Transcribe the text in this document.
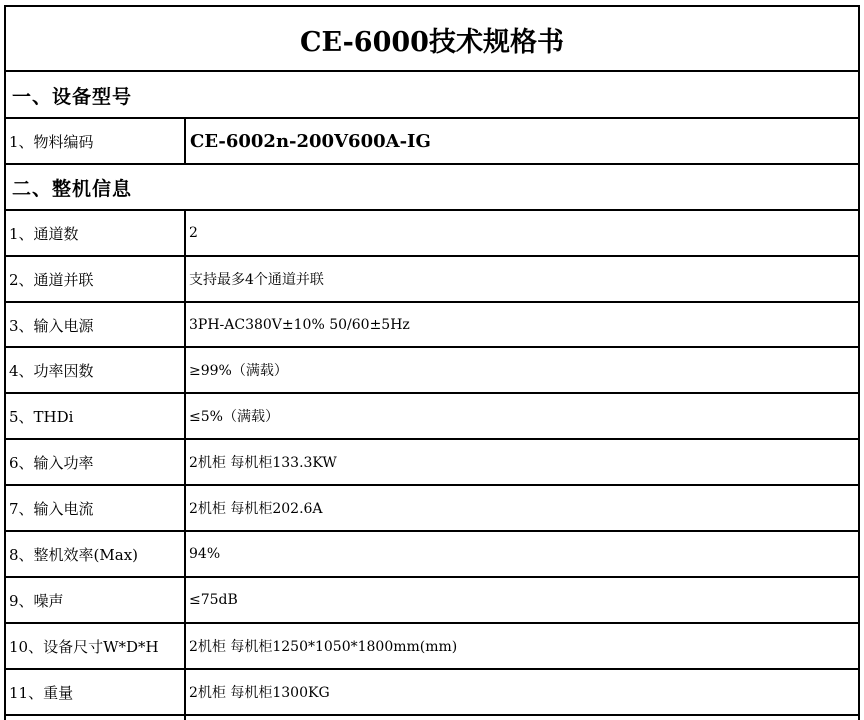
CE-6000技术规格书
一、设备型号
1、物料编码	CE-6002n-200V600A-IG
二、整机信息
1、通道数	2
2、通道并联	支持最多4个通道并联
3、输入电源	3PH-AC380V±10% 50/60±5Hz
4、功率因数	≥99%（满载）
5、THDi	≤5%（满载）
6、输入功率	2机柜 每机柜133.3KW
7、输入电流	2机柜 每机柜202.6A
8、整机效率(Max)	94%
9、噪声	≤75dB
10、设备尺寸W*D*H 2机柜 每机柜1250*1050*1800mm(mm)
11、重量	2机柜 每机柜1300KG
